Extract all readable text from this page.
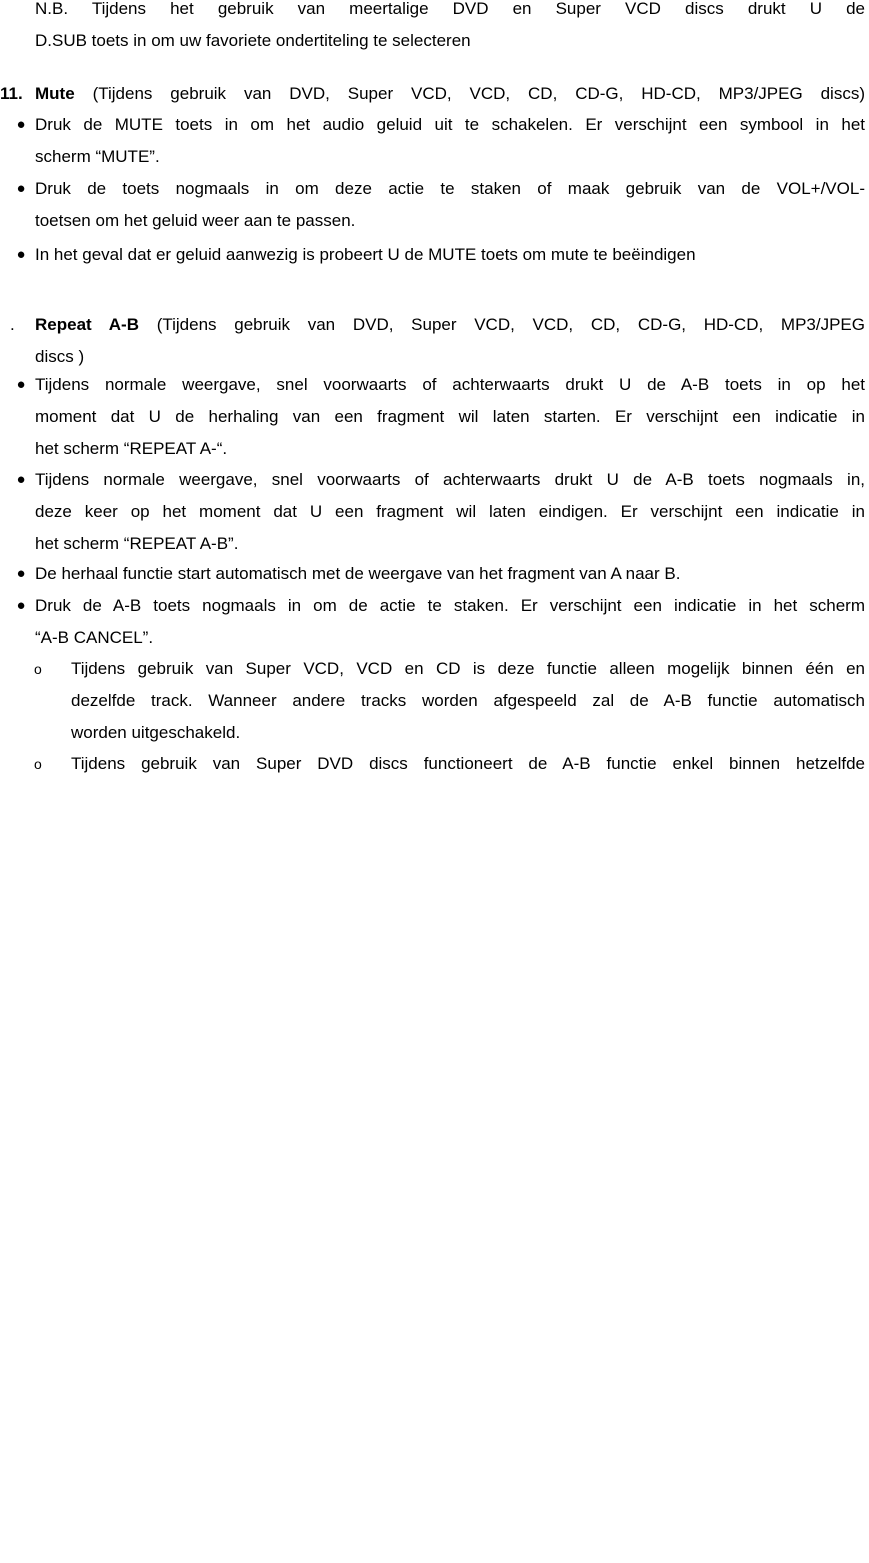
N.B. Tijdens het gebruik van meertalige DVD en Super VCD discs drukt U de
D.SUB toets in om uw favoriete ondertiteling te selecteren
11. Mute (Tijdens gebruik van DVD, Super VCD, VCD, CD, CD-G, HD-CD, MP3/JPEG discs)
● Druk de MUTE toets in om het audio geluid uit te schakelen. Er verschijnt een symbool in het
scherm “MUTE”.
● Druk de toets nogmaals in om deze actie te staken of maak gebruik van de VOL+/VOL-
toetsen om het geluid weer aan te passen.
● In het geval dat er geluid aanwezig is probeert U de MUTE toets om mute te beëindigen
. Repeat A-B (Tijdens gebruik van DVD, Super VCD, VCD, CD, CD-G, HD-CD, MP3/JPEG
discs )
● Tijdens normale weergave, snel voorwaarts of achterwaarts drukt U de A-B toets in op het
moment dat U de herhaling van een fragment wil laten starten. Er verschijnt een indicatie in
het scherm “REPEAT A-“.
● Tijdens normale weergave, snel voorwaarts of achterwaarts drukt U de A-B toets nogmaals in,
deze keer op het moment dat U een fragment wil laten eindigen. Er verschijnt een indicatie in
het scherm “REPEAT A-B”.
● De herhaal functie start automatisch met de weergave van het fragment van A naar B.
● Druk de A-B toets nogmaals in om de actie te staken. Er verschijnt een indicatie in het scherm
“A-B CANCEL”.
o Tijdens gebruik van Super VCD, VCD en CD is deze functie alleen mogelijk binnen één en
dezelfde track. Wanneer andere tracks worden afgespeeld zal de A-B functie automatisch
worden uitgeschakeld.
o Tijdens gebruik van Super DVD discs functioneert de A-B functie enkel binnen hetzelfde
